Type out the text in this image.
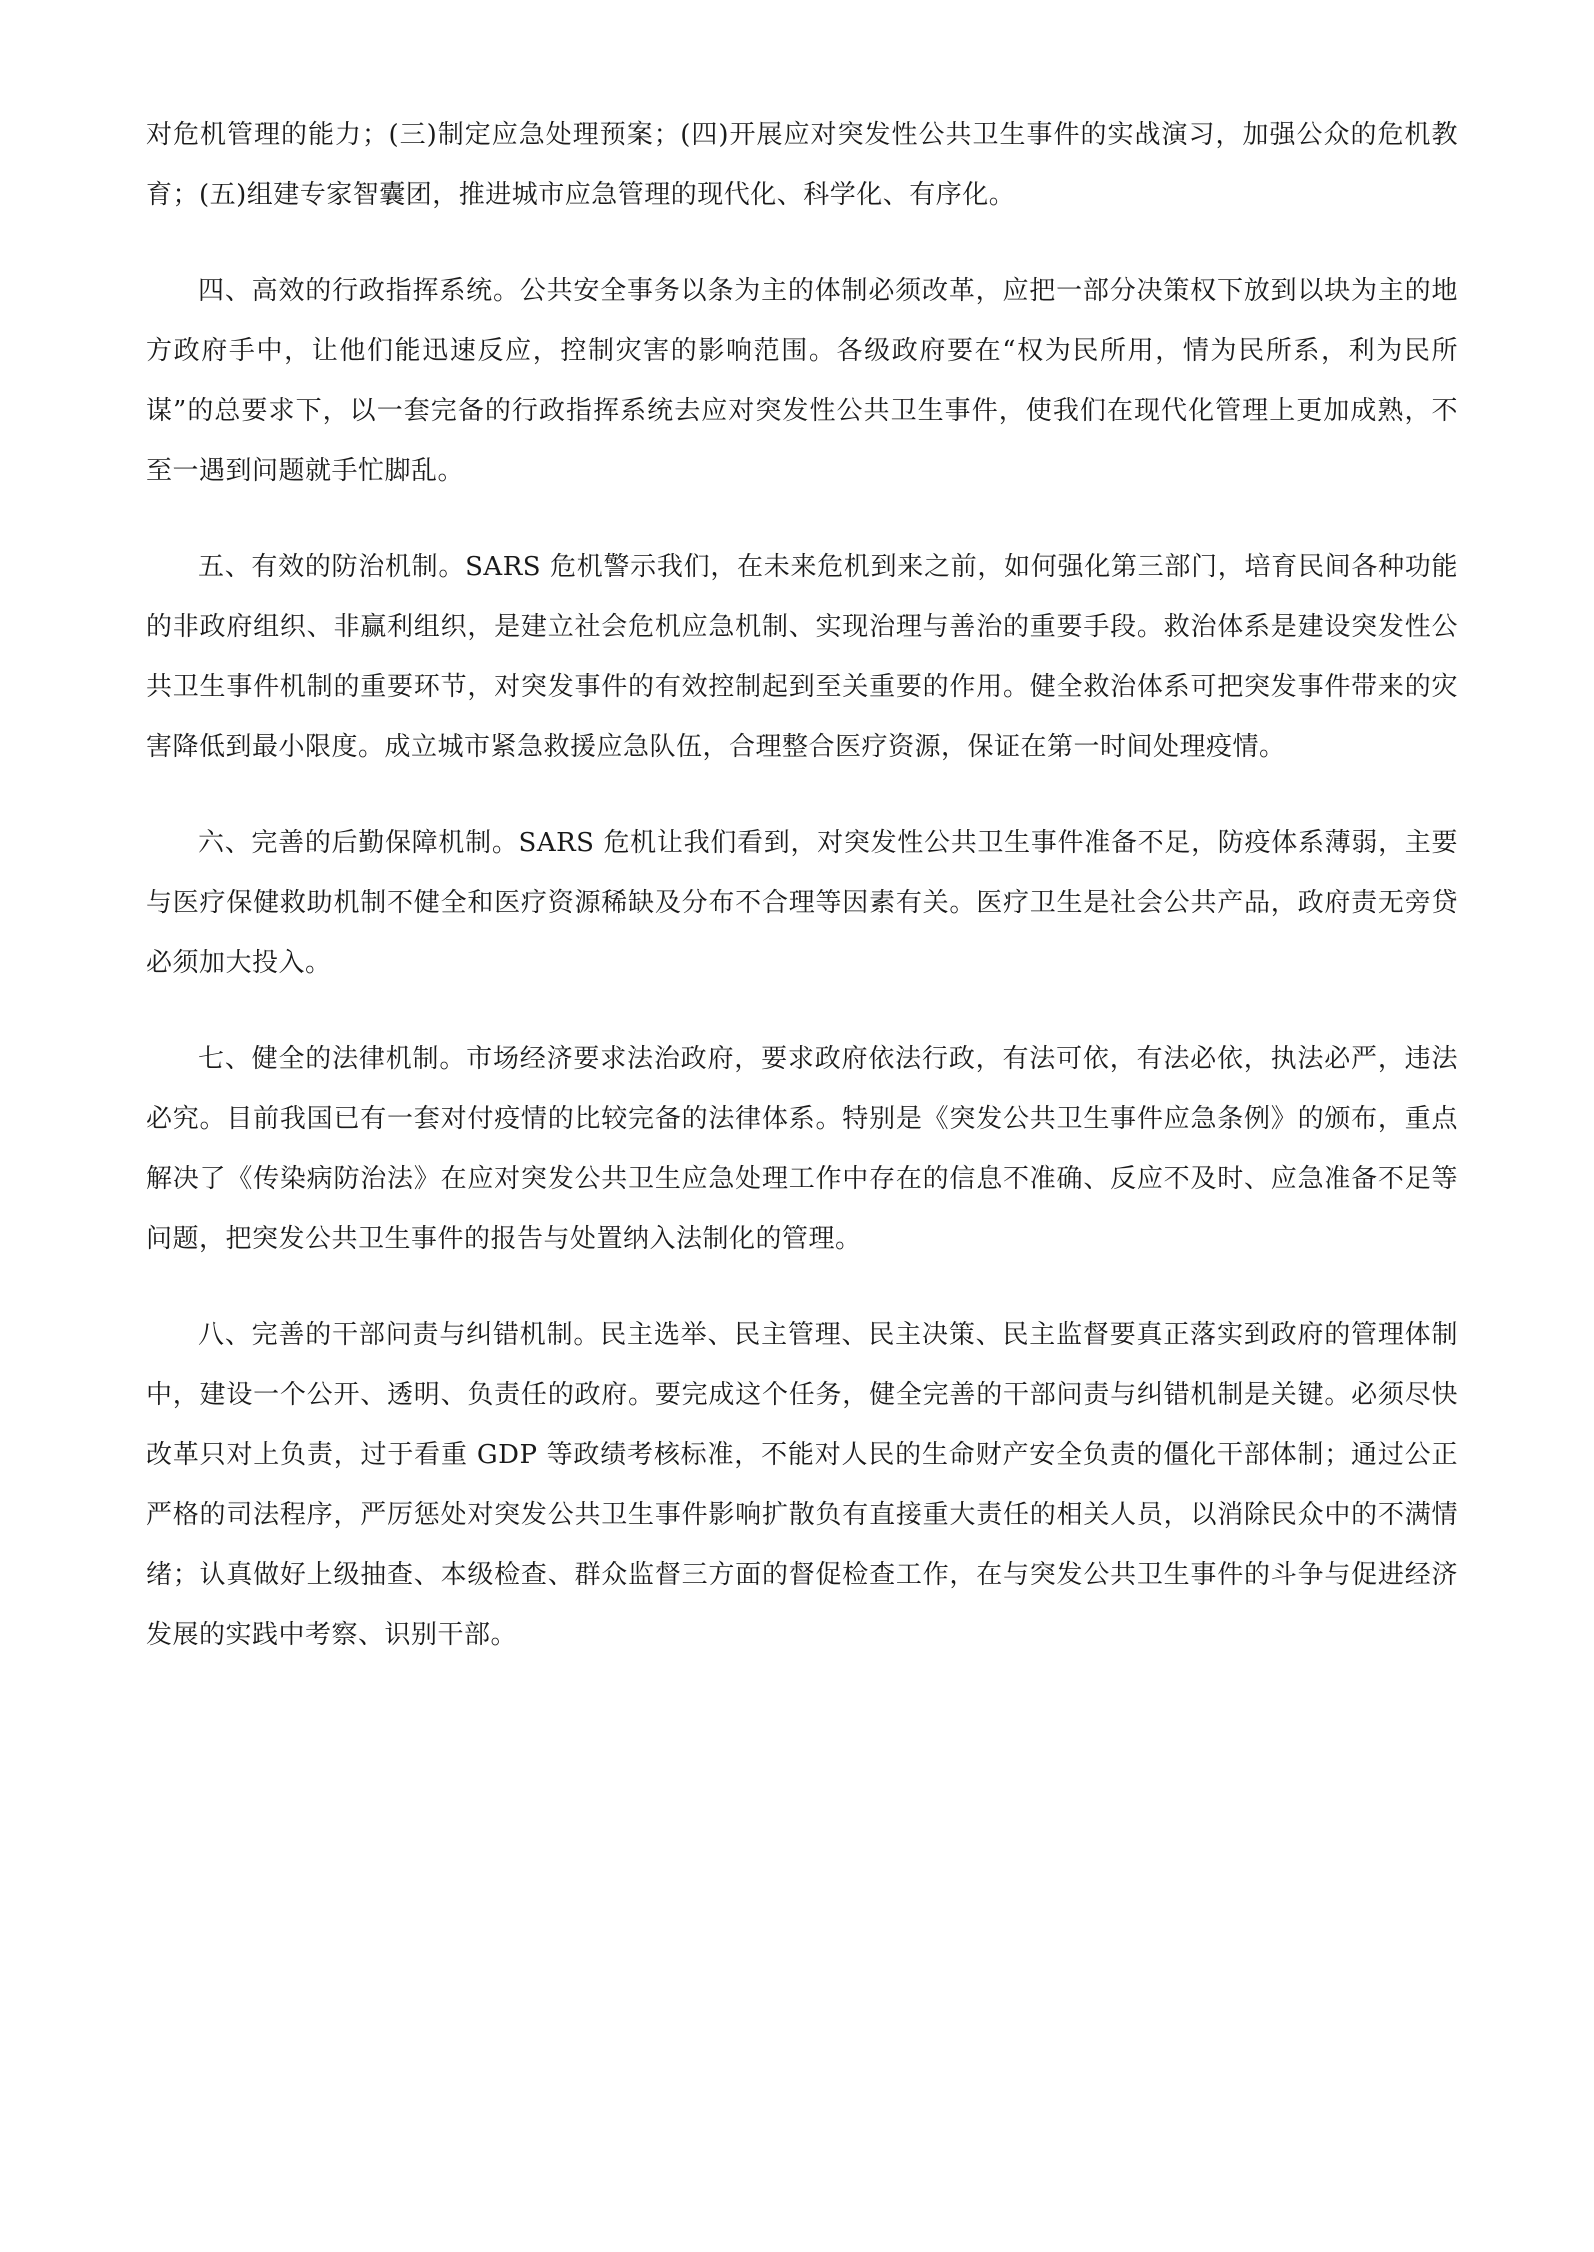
对危机管理的能力；(三)制定应急处理预案；(四)开展应对突发性公共卫生事件的实战演习，加强公众的危机教育；(五)组建专家智囊团，推进城市应急管理的现代化、科学化、有序化。

四、高效的行政指挥系统。公共安全事务以条为主的体制必须改革，应把一部分决策权下放到以块为主的地方政府手中，让他们能迅速反应，控制灾害的影响范围。各级政府要在“权为民所用，情为民所系，利为民所谋”的总要求下，以一套完备的行政指挥系统去应对突发性公共卫生事件，使我们在现代化管理上更加成熟，不至一遇到问题就手忙脚乱。

五、有效的防治机制。SARS 危机警示我们，在未来危机到来之前，如何强化第三部门，培育民间各种功能的非政府组织、非赢利组织，是建立社会危机应急机制、实现治理与善治的重要手段。救治体系是建设突发性公共卫生事件机制的重要环节，对突发事件的有效控制起到至关重要的作用。健全救治体系可把突发事件带来的灾害降低到最小限度。成立城市紧急救援应急队伍，合理整合医疗资源，保证在第一时间处理疫情。

六、完善的后勤保障机制。SARS 危机让我们看到，对突发性公共卫生事件准备不足，防疫体系薄弱，主要与医疗保健救助机制不健全和医疗资源稀缺及分布不合理等因素有关。医疗卫生是社会公共产品，政府责无旁贷必须加大投入。

七、健全的法律机制。市场经济要求法治政府，要求政府依法行政，有法可依，有法必依，执法必严，违法必究。目前我国已有一套对付疫情的比较完备的法律体系。特别是《突发公共卫生事件应急条例》的颁布，重点解决了《传染病防治法》在应对突发公共卫生应急处理工作中存在的信息不准确、反应不及时、应急准备不足等问题，把突发公共卫生事件的报告与处置纳入法制化的管理。

八、完善的干部问责与纠错机制。民主选举、民主管理、民主决策、民主监督要真正落实到政府的管理体制中，建设一个公开、透明、负责任的政府。要完成这个任务，健全完善的干部问责与纠错机制是关键。必须尽快改革只对上负责，过于看重 GDP 等政绩考核标准，不能对人民的生命财产安全负责的僵化干部体制；通过公正严格的司法程序，严厉惩处对突发公共卫生事件影响扩散负有直接重大责任的相关人员，以消除民众中的不满情绪；认真做好上级抽查、本级检查、群众监督三方面的督促检查工作，在与突发公共卫生事件的斗争与促进经济发展的实践中考察、识别干部。
